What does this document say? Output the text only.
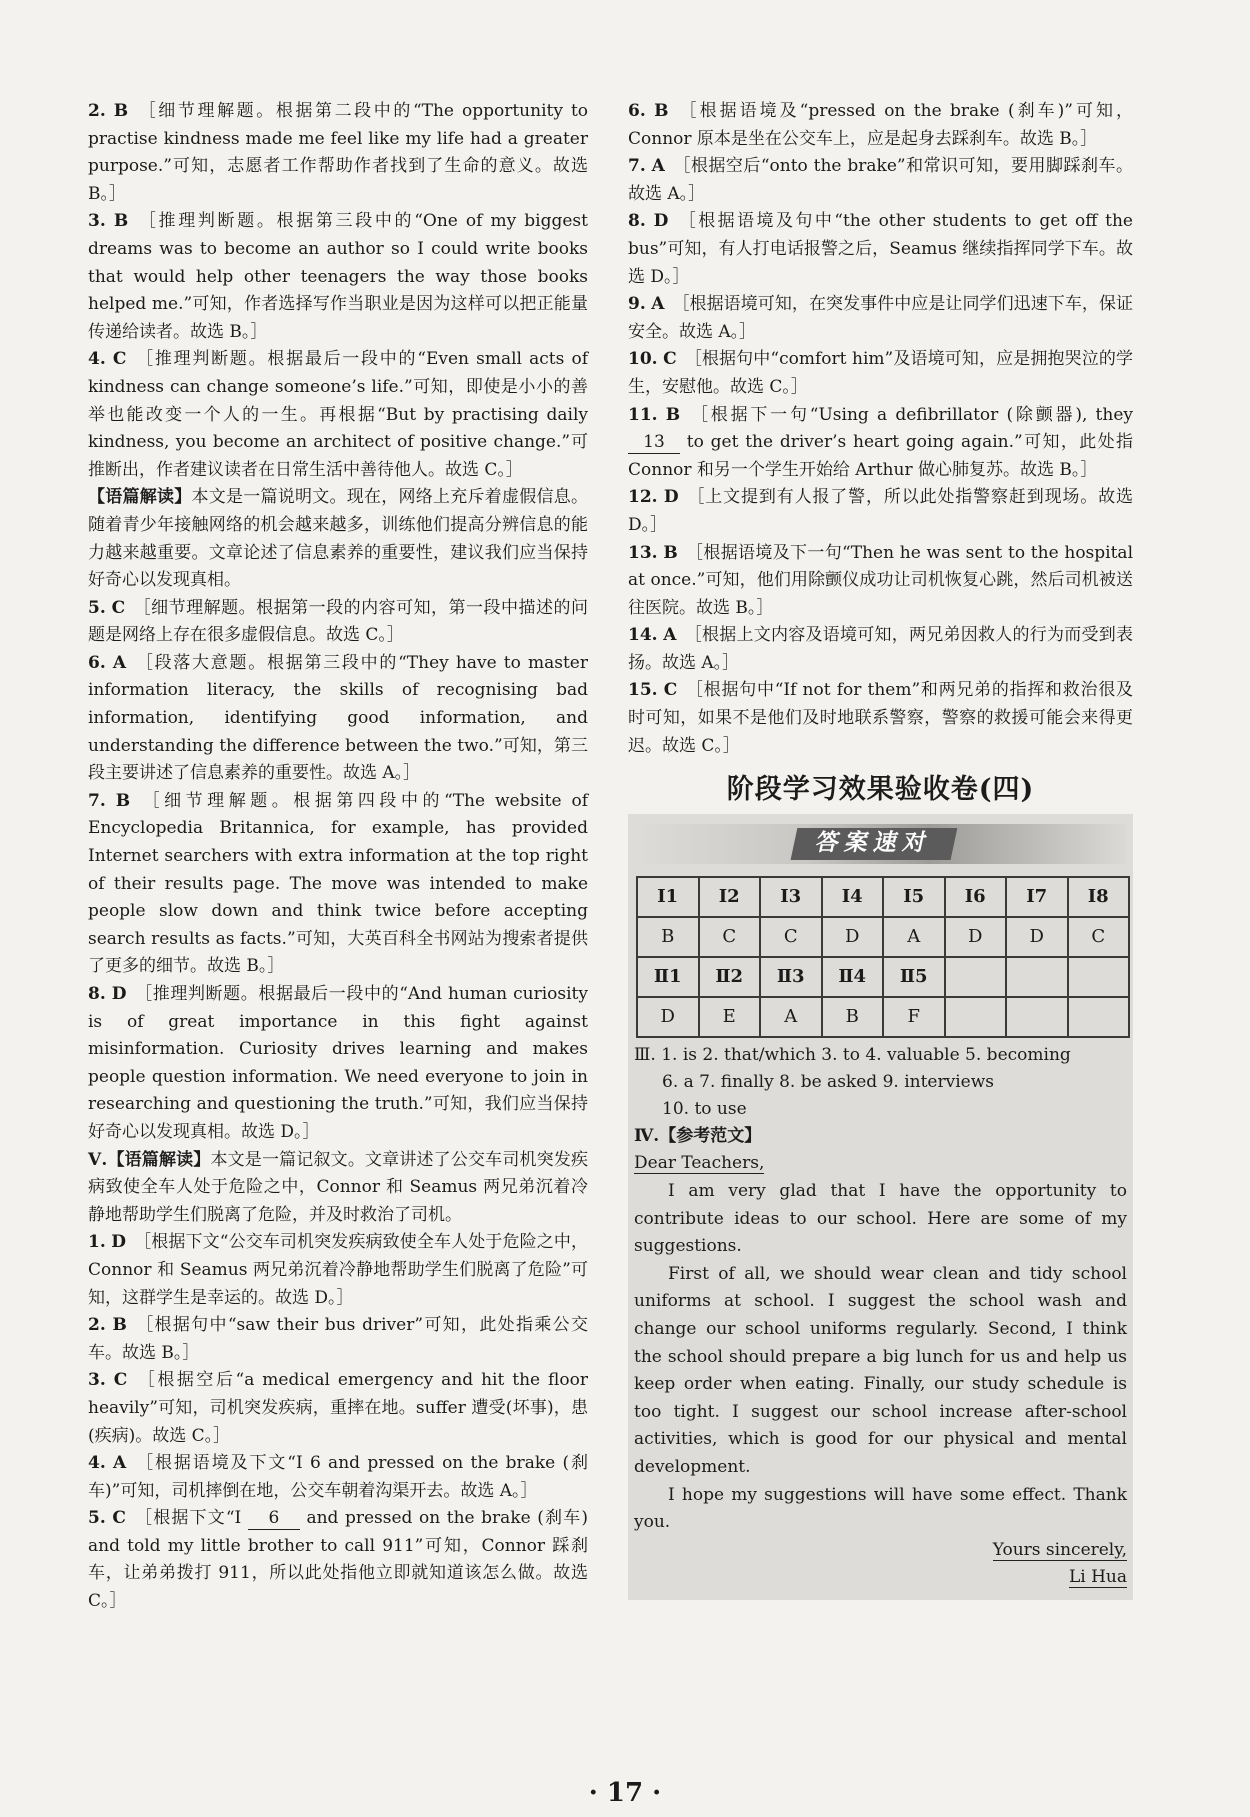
2. B ［细节理解题。根据第二段中的“The opportunity to practise kindness made me feel like my life had a greater purpose.”可知，志愿者工作帮助作者找到了生命的意义。故选 B。］

3. B ［推理判断题。根据第三段中的“One of my biggest dreams was to become an author so I could write books that would help other teenagers the way those books helped me.”可知，作者选择写作当职业是因为这样可以把正能量传递给读者。故选 B。］

4. C ［推理判断题。根据最后一段中的“Even small acts of kindness can change someone’s life.”可知，即使是小小的善举也能改变一个人的一生。再根据“But by practising daily kindness, you become an architect of positive change.”可推断出，作者建议读者在日常生活中善待他人。故选 C。］

【语篇解读】本文是一篇说明文。现在，网络上充斥着虚假信息。随着青少年接触网络的机会越来越多，训练他们提高分辨信息的能力越来越重要。文章论述了信息素养的重要性，建议我们应当保持好奇心以发现真相。

5. C ［细节理解题。根据第一段的内容可知，第一段中描述的问题是网络上存在很多虚假信息。故选 C。］

6. A ［段落大意题。根据第三段中的“They have to master information literacy, the skills of recognising bad information, identifying good information, and understanding the difference between the two.”可知，第三段主要讲述了信息素养的重要性。故选 A。］

7. B ［细节理解题。根据第四段中的“The website of Encyclopedia Britannica, for example, has provided Internet searchers with extra information at the top right of their results page. The move was intended to make people slow down and think twice before accepting search results as facts.”可知，大英百科全书网站为搜索者提供了更多的细节。故选 B。］

8. D ［推理判断题。根据最后一段中的“And human curiosity is of great importance in this fight against misinformation. Curiosity drives learning and makes people question information. We need everyone to join in researching and questioning the truth.”可知，我们应当保持好奇心以发现真相。故选 D。］

Ⅴ.【语篇解读】本文是一篇记叙文。文章讲述了公交车司机突发疾病致使全车人处于危险之中，Connor 和 Seamus 两兄弟沉着冷静地帮助学生们脱离了危险，并及时救治了司机。

1. D ［根据下文“公交车司机突发疾病致使全车人处于危险之中，Connor 和 Seamus 两兄弟沉着冷静地帮助学生们脱离了危险”可知，这群学生是幸运的。故选 D。］

2. B ［根据句中“saw their bus driver”可知，此处指乘公交车。故选 B。］

3. C ［根据空后“a medical emergency and hit the floor heavily”可知，司机突发疾病，重摔在地。suffer 遭受(坏事)，患(疾病)。故选 C。］

4. A ［根据语境及下文“I 6 and pressed on the brake (刹车)”可知，司机摔倒在地，公交车朝着沟渠开去。故选 A。］

5. C ［根据下文“I 6 and pressed on the brake (刹车) and told my little brother to call 911”可知，Connor 踩刹车，让弟弟拨打 911，所以此处指他立即就知道该怎么做。故选 C。］

6. B ［根据语境及“pressed on the brake (刹车)”可知，Connor 原本是坐在公交车上，应是起身去踩刹车。故选 B。］

7. A ［根据空后“onto the brake”和常识可知，要用脚踩刹车。故选 A。］

8. D ［根据语境及句中“the other students to get off the bus”可知，有人打电话报警之后，Seamus 继续指挥同学下车。故选 D。］

9. A ［根据语境可知，在突发事件中应是让同学们迅速下车，保证安全。故选 A。］

10. C ［根据句中“comfort him”及语境可知，应是拥抱哭泣的学生，安慰他。故选 C。］

11. B ［根据下一句“Using a defibrillator (除颤器), they 13 to get the driver’s heart going again.”可知，此处指 Connor 和另一个学生开始给 Arthur 做心肺复苏。故选 B。］

12. D ［上文提到有人报了警，所以此处指警察赶到现场。故选 D。］

13. B ［根据语境及下一句“Then he was sent to the hospital at once.”可知，他们用除颤仪成功让司机恢复心跳，然后司机被送往医院。故选 B。］

14. A ［根据上文内容及语境可知，两兄弟因救人的行为而受到表扬。故选 A。］

15. C ［根据句中“If not for them”和两兄弟的指挥和救治很及时可知，如果不是他们及时地联系警察，警察的救援可能会来得更迟。故选 C。］

阶段学习效果验收卷(四)
答案速对
Ⅰ1	Ⅰ2	Ⅰ3	Ⅰ4	Ⅰ5	Ⅰ6	Ⅰ7	Ⅰ8
B	C	C	D	A	D	D	C
Ⅱ1	Ⅱ2	Ⅱ3	Ⅱ4	Ⅱ5			
D	E	A	B	F			

Ⅲ. 1. is 2. that/which 3. to 4. valuable 5. becoming

6. a 7. finally 8. be asked 9. interviews

10. to use

Ⅳ.【参考范文】

Dear Teachers,

I am very glad that I have the opportunity to contribute ideas to our school. Here are some of my suggestions.

First of all, we should wear clean and tidy school uniforms at school. I suggest the school wash and change our school uniforms regularly. Second, I think the school should prepare a big lunch for us and help us keep order when eating. Finally, our study schedule is too tight. I suggest our school increase after-school activities, which is good for our physical and mental development.

I hope my suggestions will have some effect. Thank you.

Yours sincerely,

Li Hua

· 17 ·
